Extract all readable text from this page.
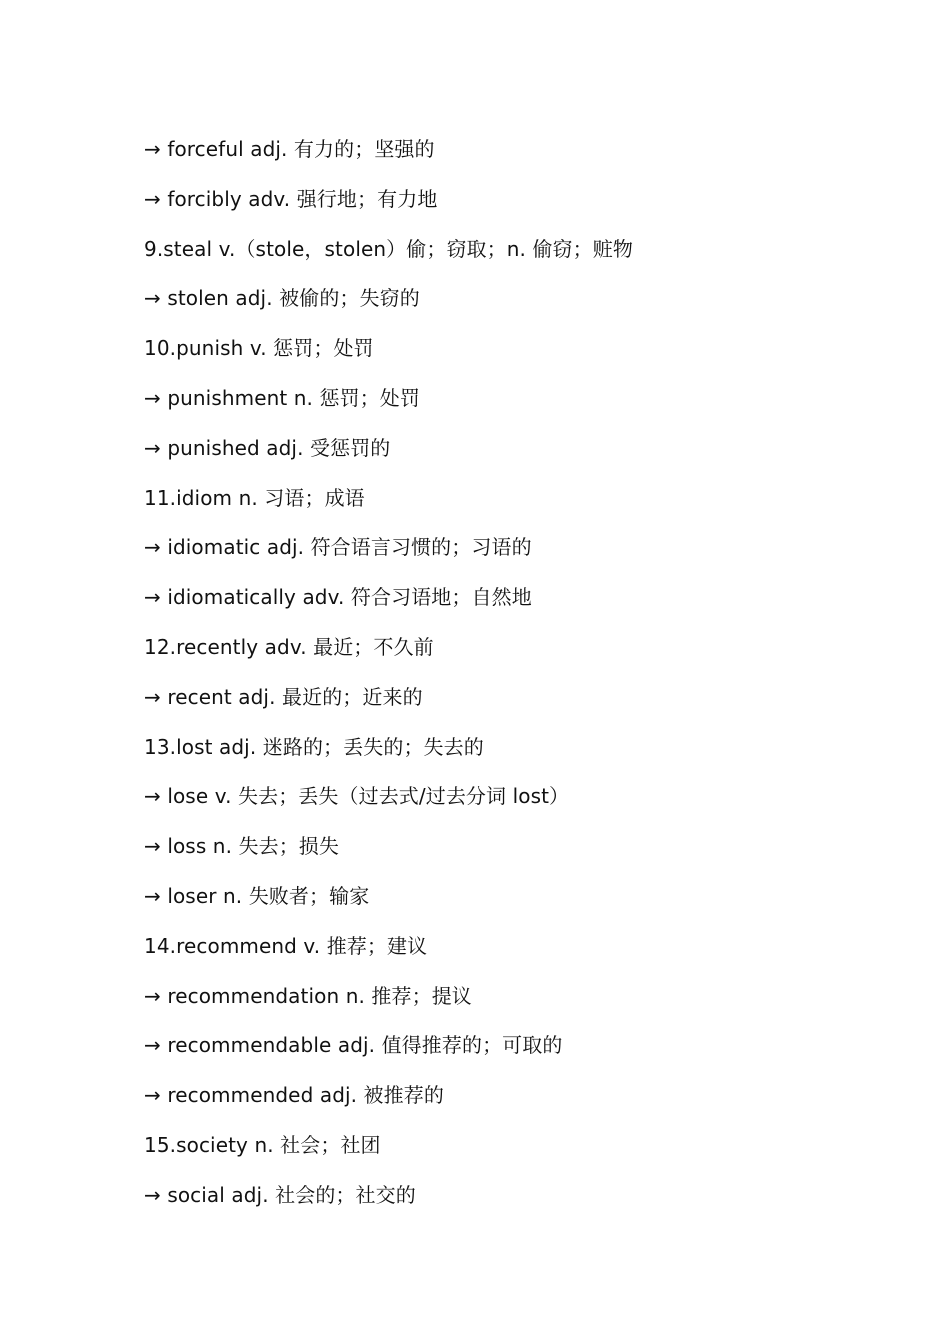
→ forceful adj. 有力的；坚强的
→ forcibly adv. 强行地；有力地
9.steal v.（stole，stolen）偷；窃取；n. 偷窃；赃物
→ stolen adj. 被偷的；失窃的
10.punish v. 惩罚；处罚
→ punishment n. 惩罚；处罚
→ punished adj. 受惩罚的
11.idiom n. 习语；成语
→ idiomatic adj. 符合语言习惯的；习语的
→ idiomatically adv. 符合习语地；自然地
12.recently adv. 最近；不久前
→ recent adj. 最近的；近来的
13.lost adj. 迷路的；丢失的；失去的
→ lose v. 失去；丢失（过去式/过去分词 lost）
→ loss n. 失去；损失
→ loser n. 失败者；输家
14.recommend v. 推荐；建议
→ recommendation n. 推荐；提议
→ recommendable adj. 值得推荐的；可取的
→ recommended adj. 被推荐的
15.society n. 社会；社团
→ social adj. 社会的；社交的
